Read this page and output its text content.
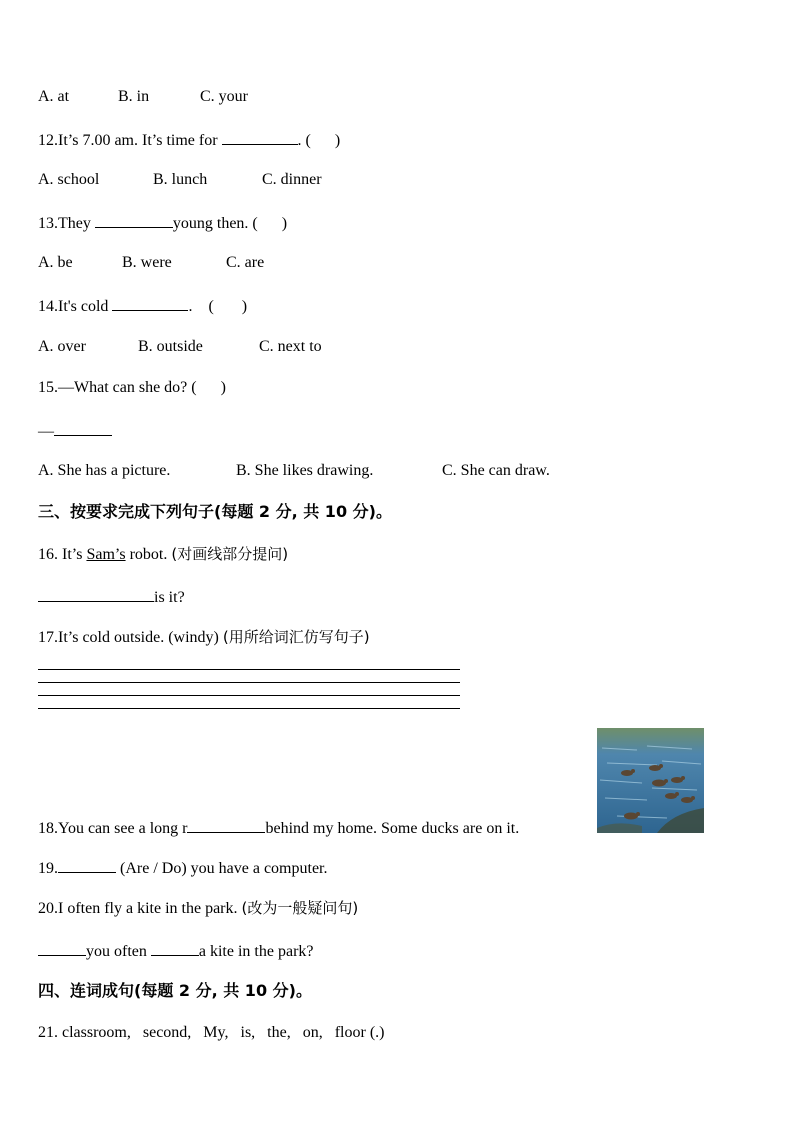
A. at	B. in	C. your
12.It’s 7.00 am. It’s time for	. (      )
A. school	B. lunch	C. dinner
13.They	young then. (      )
A. be	B. were	C. are
14.It's cold	.    (       )
A. over	B. outside	C. next to
15.—What can she do? (      )
—
A. She has a picture.	B. She likes drawing.	C. She can draw.
三、按要求完成下列句子(每题 2 分, 共 10 分)。
16. It’s Sam’s robot. (对画线部分提问)
is it?
17.It’s cold outside. (windy) (用所给词汇仿写句子)
18.You can see a long r	behind my home. Some ducks are on it.
19.	(Are / Do) you have a computer.
20.I often fly a kite in the park. (改为一般疑问句)
you often	a kite in the park?
四、连词成句(每题 2 分, 共 10 分)。
21. classroom,   second,   My,   is,   the,   on,   floor (.)
